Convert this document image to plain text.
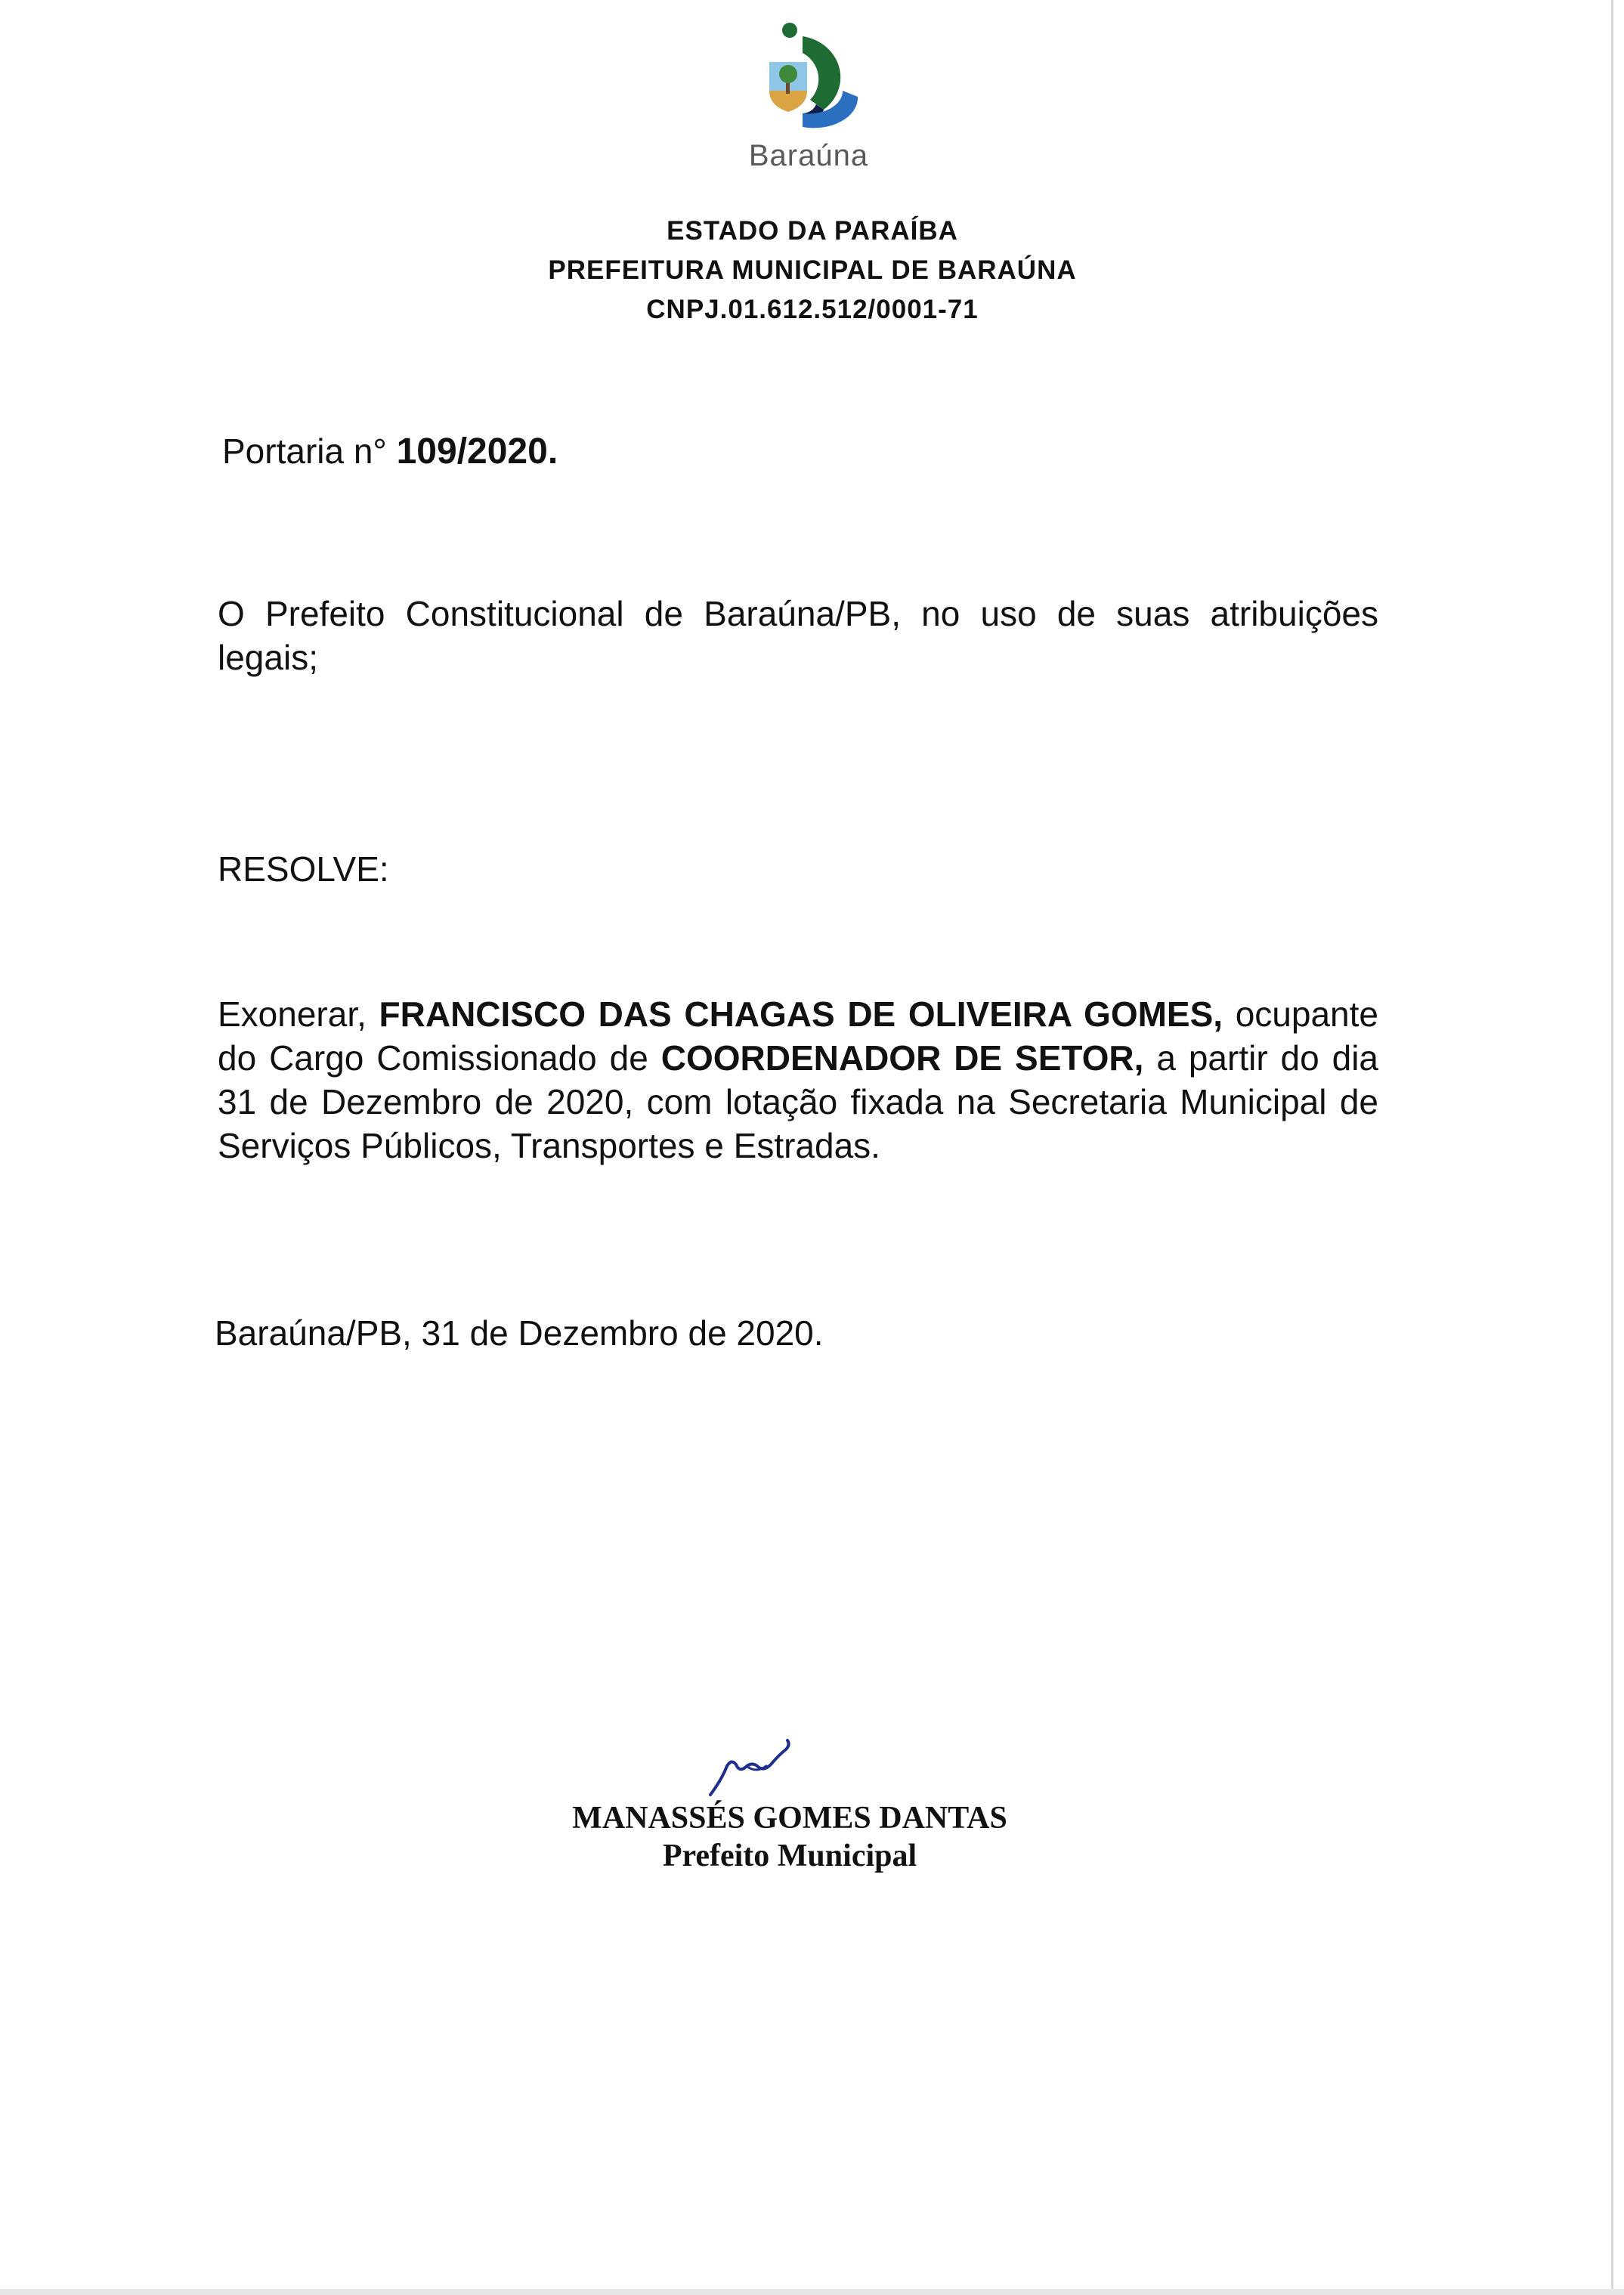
Baraúna
ESTADO DA PARAÍBA
PREFEITURA MUNICIPAL DE BARAÚNA
CNPJ.01.612.512/0001-71
Portaria n° 109/2020.
O Prefeito Constitucional de Baraúna/PB, no uso de suas atribuições legais;
RESOLVE:
Exonerar, FRANCISCO DAS CHAGAS DE OLIVEIRA GOMES, ocupante do Cargo Comissionado de COORDENADOR DE SETOR, a partir do dia 31 de Dezembro de 2020, com lotação fixada na Secretaria Municipal de Serviços Públicos, Transportes e Estradas.
Baraúna/PB, 31 de Dezembro de 2020.
MANASSÉS GOMES DANTAS
Prefeito Municipal
